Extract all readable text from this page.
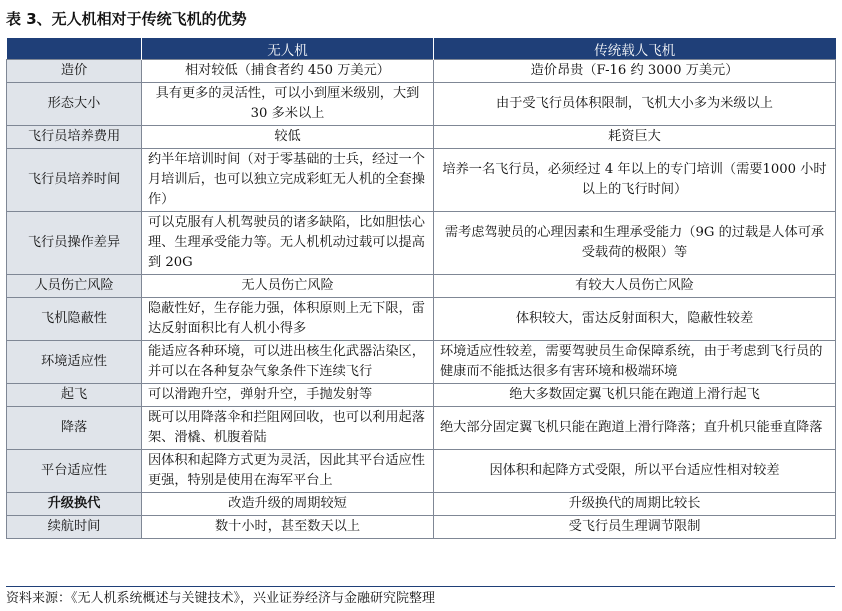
表 3、无人机相对于传统飞机的优势
	无人机	传统载人飞机
造价	相对较低（捕食者约 450 万美元）	造价昂贵（F-16 约 3000 万美元）
形态大小	具有更多的灵活性，可以小到厘米级别，大到 30 多米以上	由于受飞行员体积限制，飞机大小多为米级以上
飞行员培养费用	较低	耗资巨大
飞行员培养时间	约半年培训时间（对于零基础的士兵，经过一个月培训后，也可以独立完成彩虹无人机的全套操作）	培养一名飞行员，必须经过 4 年以上的专门培训（需要1000 小时以上的飞行时间）
飞行员操作差异	可以克服有人机驾驶员的诸多缺陷，比如胆怯心理、生理承受能力等。无人机机动过载可以提高到 20G	需考虑驾驶员的心理因素和生理承受能力（9G 的过载是人体可承受载荷的极限）等
人员伤亡风险	无人员伤亡风险	有较大人员伤亡风险
飞机隐蔽性	隐蔽性好，生存能力强，体积原则上无下限，雷达反射面积比有人机小得多	体积较大，雷达反射面积大，隐蔽性较差
环境适应性	能适应各种环境，可以进出核生化武器沾染区，并可以在各种复杂气象条件下连续飞行	环境适应性较差，需要驾驶员生命保障系统，由于考虑到飞行员的健康而不能抵达很多有害环境和极端环境
起飞	可以滑跑升空，弹射升空，手抛发射等	绝大多数固定翼飞机只能在跑道上滑行起飞
降落	既可以用降落伞和拦阻网回收，也可以利用起落架、滑橇、机腹着陆	绝大部分固定翼飞机只能在跑道上滑行降落；直升机只能垂直降落
平台适应性	因体积和起降方式更为灵活，因此其平台适应性更强，特别是使用在海军平台上	因体积和起降方式受限，所以平台适应性相对较差
升级换代	改造升级的周期较短	升级换代的周期比较长
续航时间	数十小时，甚至数天以上	受飞行员生理调节限制
资料来源：《无人机系统概述与关键技术》，兴业证券经济与金融研究院整理
